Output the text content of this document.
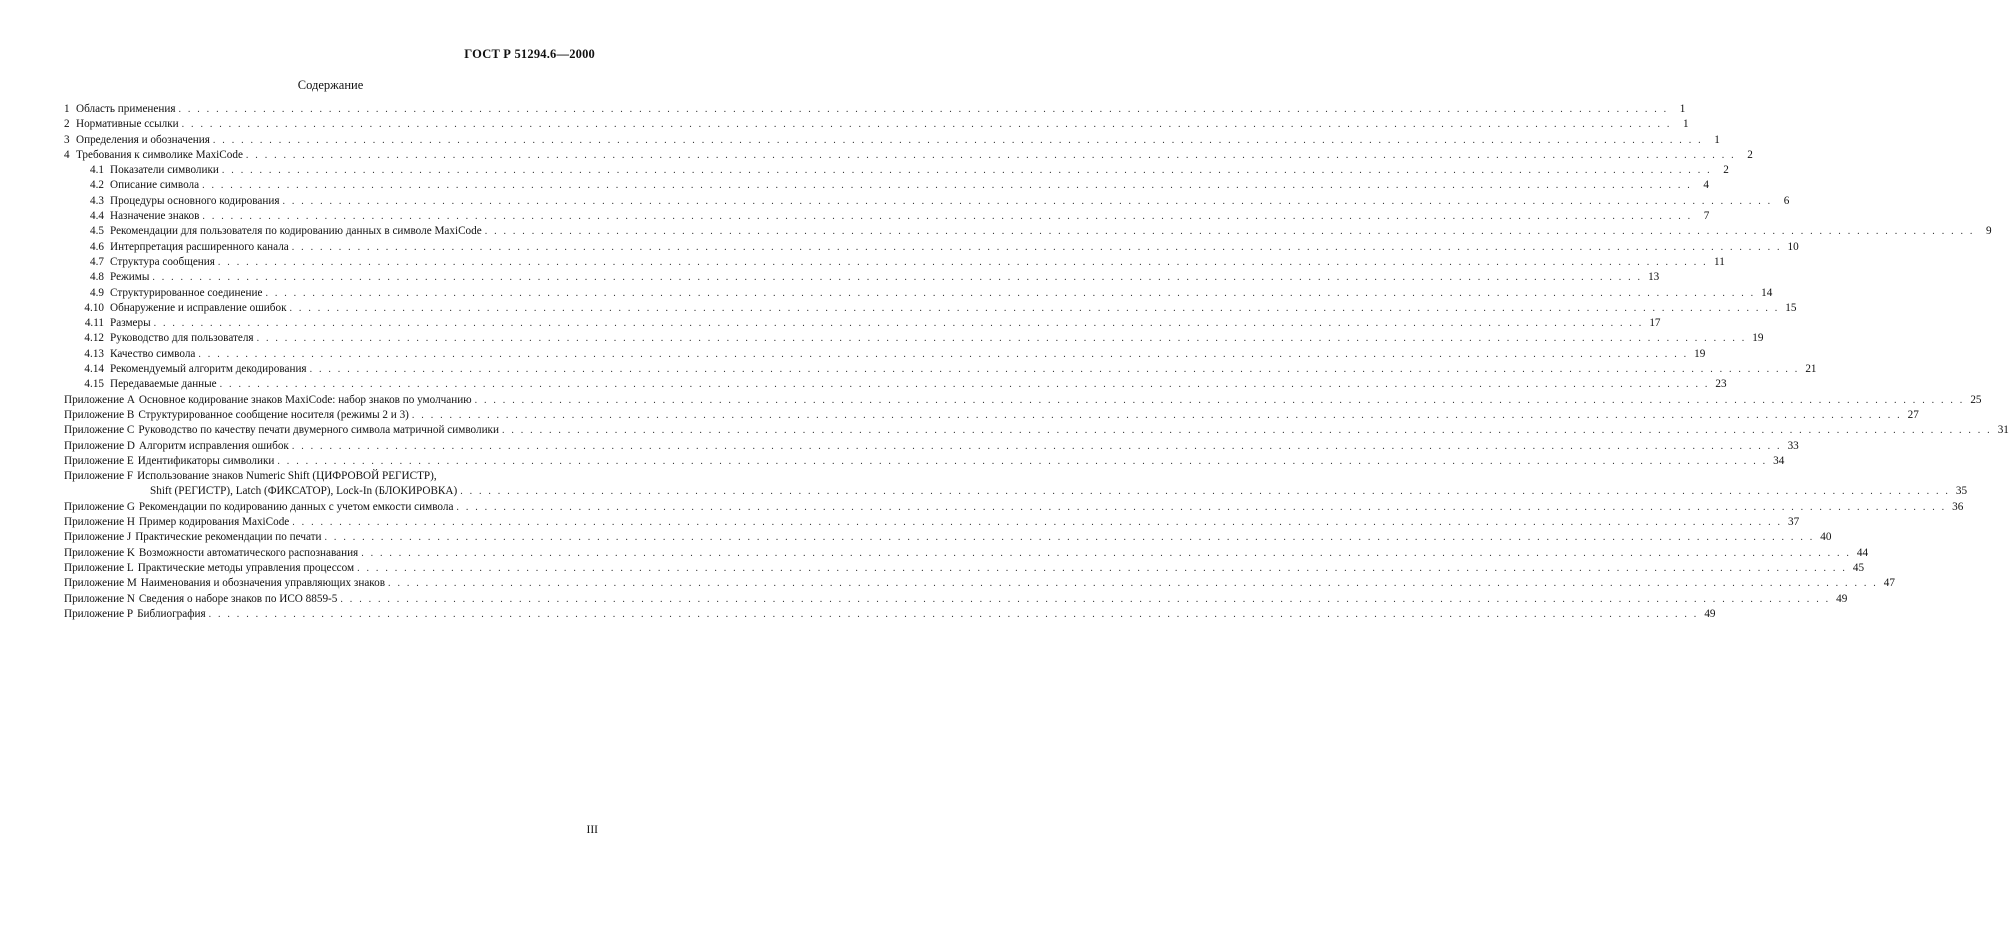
ГОСТ Р 51294.6—2000
Содержание
1 Область применения . . .	1
2 Нормативные ссылки . . .	1
3 Определения и обозначения . . .	1
4 Требования к символике MaxiCode . . .	2
4.1 Показатели символики . . .	2
4.2 Описание символа . . .	4
4.3 Процедуры основного кодирования . . .	6
4.4 Назначение знаков . . .	7
4.5 Рекомендации для пользователя по кодированию данных в символе MaxiCode . . .	9
4.6 Интерпретация расширенного канала . . .	10
4.7 Структура сообщения . . .	11
4.8 Режимы . . .	13
4.9 Структурированное соединение . . .	14
4.10 Обнаружение и исправление ошибок . . .	15
4.11 Размеры . . .	17
4.12 Руководство для пользователя . . .	19
4.13 Качество символа . . .	19
4.14 Рекомендуемый алгоритм декодирования . . .	21
4.15 Передаваемые данные . . .	23
Приложение A Основное кодирование знаков MaxiCode: набор знаков по умолчанию . . .	25
Приложение B Структурированное сообщение носителя (режимы 2 и 3) . . .	27
Приложение C Руководство по качеству печати двумерного символа матричной символики . . .	31
Приложение D Алгоритм исправления ошибок . . .	33
Приложение E Идентификаторы символики . . .	34
Приложение F Использование знаков Numeric Shift (ЦИФРОВОЙ РЕГИСТР),
Shift (РЕГИСТР), Latch (ФИКСАТОР), Lock-In (БЛОКИРОВКА) . . .	35
Приложение G Рекомендации по кодированию данных с учетом емкости символа . . .	36
Приложение H Пример кодирования MaxiCode . . .	37
Приложение J Практические рекомендации по печати . . .	40
Приложение K Возможности автоматического распознавания . . .	44
Приложение L Практические методы управления процессом . . .	45
Приложение M Наименования и обозначения управляющих знаков . . .	47
Приложение N Сведения о наборе знаков по ИСО 8859-5 . . .	49
Приложение P Библиография . . .	49
III
